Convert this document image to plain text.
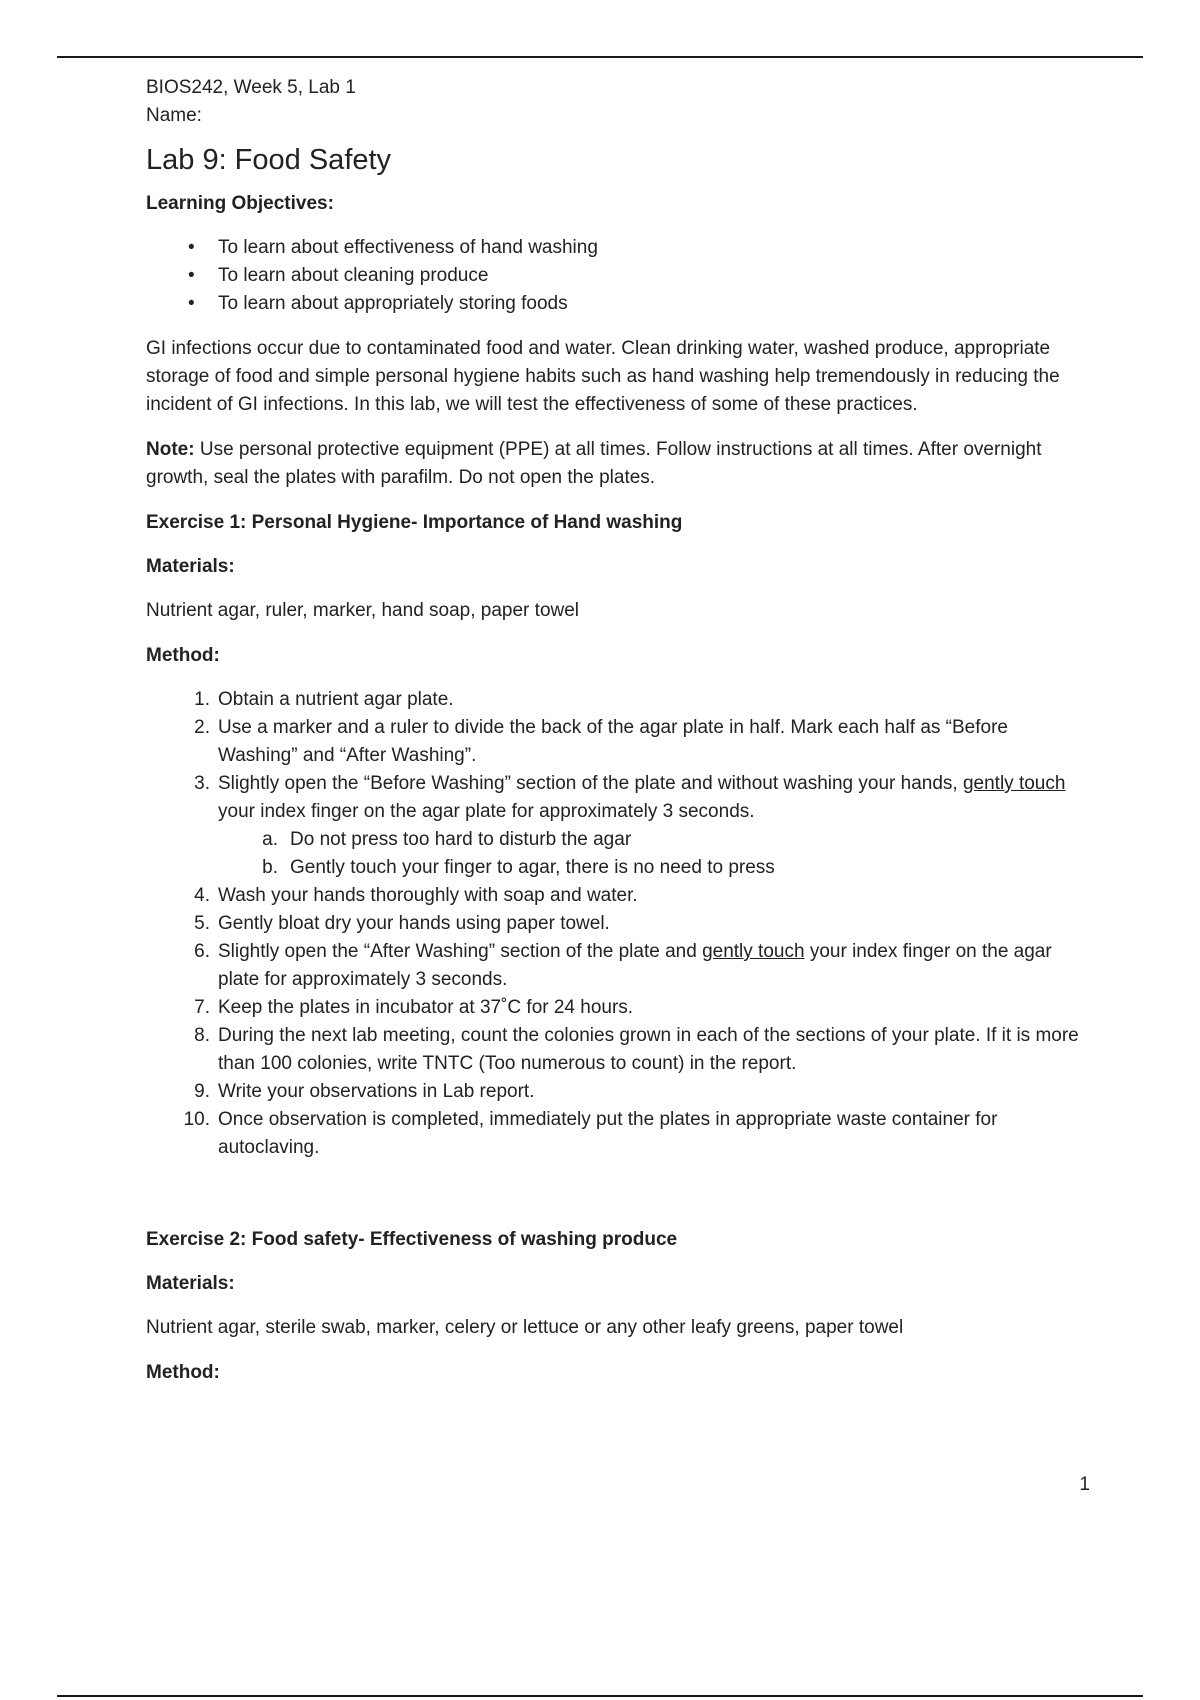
BIOS242, Week 5, Lab 1

Name:

Lab 9: Food Safety

Learning Objectives:

• To learn about effectiveness of hand washing
• To learn about cleaning produce
• To learn about appropriately storing foods

GI infections occur due to contaminated food and water. Clean drinking water, washed produce, appropriate storage of food and simple personal hygiene habits such as hand washing help tremendously in reducing the incident of GI infections. In this lab, we will test the effectiveness of some of these practices.

Note: Use personal protective equipment (PPE) at all times. Follow instructions at all times. After overnight growth, seal the plates with parafilm. Do not open the plates.

Exercise 1: Personal Hygiene- Importance of Hand washing

Materials:

Nutrient agar, ruler, marker, hand soap, paper towel

Method:

1. Obtain a nutrient agar plate.
2. Use a marker and a ruler to divide the back of the agar plate in half. Mark each half as “Before Washing” and “After Washing”.
3. Slightly open the “Before Washing” section of the plate and without washing your hands, gently touch your index finger on the agar plate for approximately 3 seconds.
a. Do not press too hard to disturb the agar
b. Gently touch your finger to agar, there is no need to press
4. Wash your hands thoroughly with soap and water.
5. Gently bloat dry your hands using paper towel.
6. Slightly open the “After Washing” section of the plate and gently touch your index finger on the agar plate for approximately 3 seconds.
7. Keep the plates in incubator at 37˚C for 24 hours.
8. During the next lab meeting, count the colonies grown in each of the sections of your plate. If it is more than 100 colonies, write TNTC (Too numerous to count) in the report.
9. Write your observations in Lab report.
10. Once observation is completed, immediately put the plates in appropriate waste container for autoclaving.

Exercise 2: Food safety- Effectiveness of washing produce

Materials:

Nutrient agar, sterile swab, marker, celery or lettuce or any other leafy greens, paper towel

Method:

1
